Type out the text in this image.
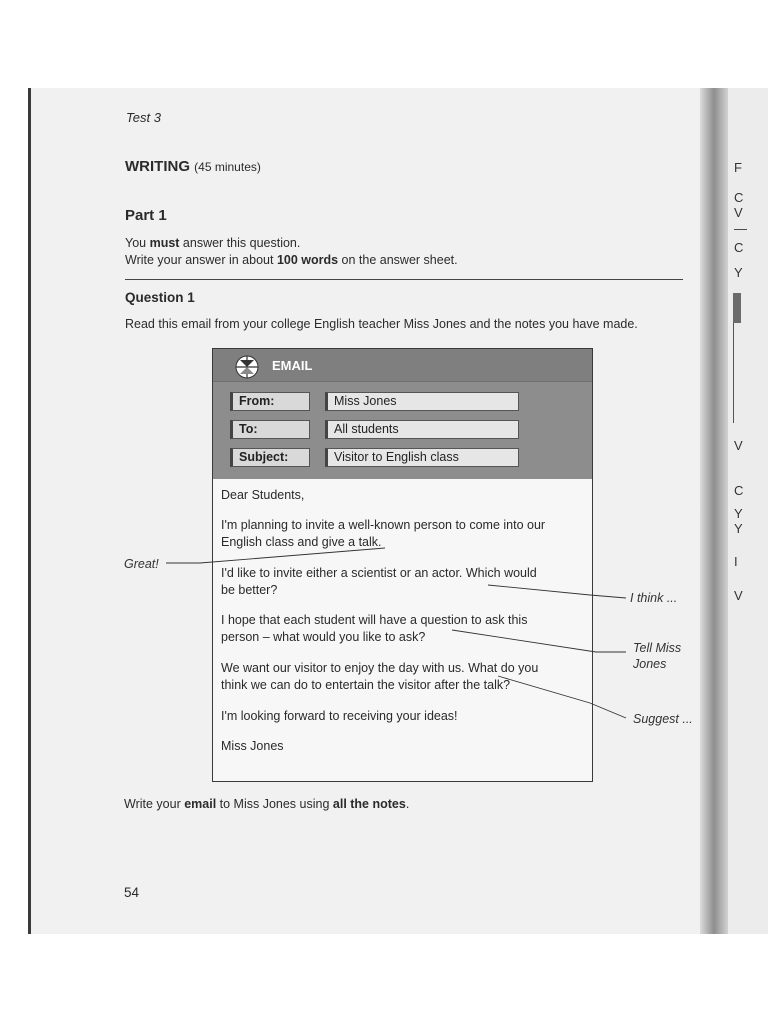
F
C
V
—
C
Y
V
C
Y
Y
I
V
Test 3
WRITING (45 minutes)
Part 1
You must answer this question.
Write your answer in about 100 words on the answer sheet.
Question 1
Read this email from your college English teacher Miss Jones and the notes you have made.
EMAIL
From:	Miss Jones
To:	All students
Subject:	Visitor to English class
Dear Students,
I'm planning to invite a well-known person to come into our
English class and give a talk.
I'd like to invite either a scientist or an actor. Which would
be better?
I hope that each student will have a question to ask this
person – what would you like to ask?
We want our visitor to enjoy the day with us. What do you
think we can do to entertain the visitor after the talk?
I'm looking forward to receiving your ideas!
Miss Jones
Great!
I think ...
Tell Miss
Jones
Suggest ...
Write your email to Miss Jones using all the notes.
54
